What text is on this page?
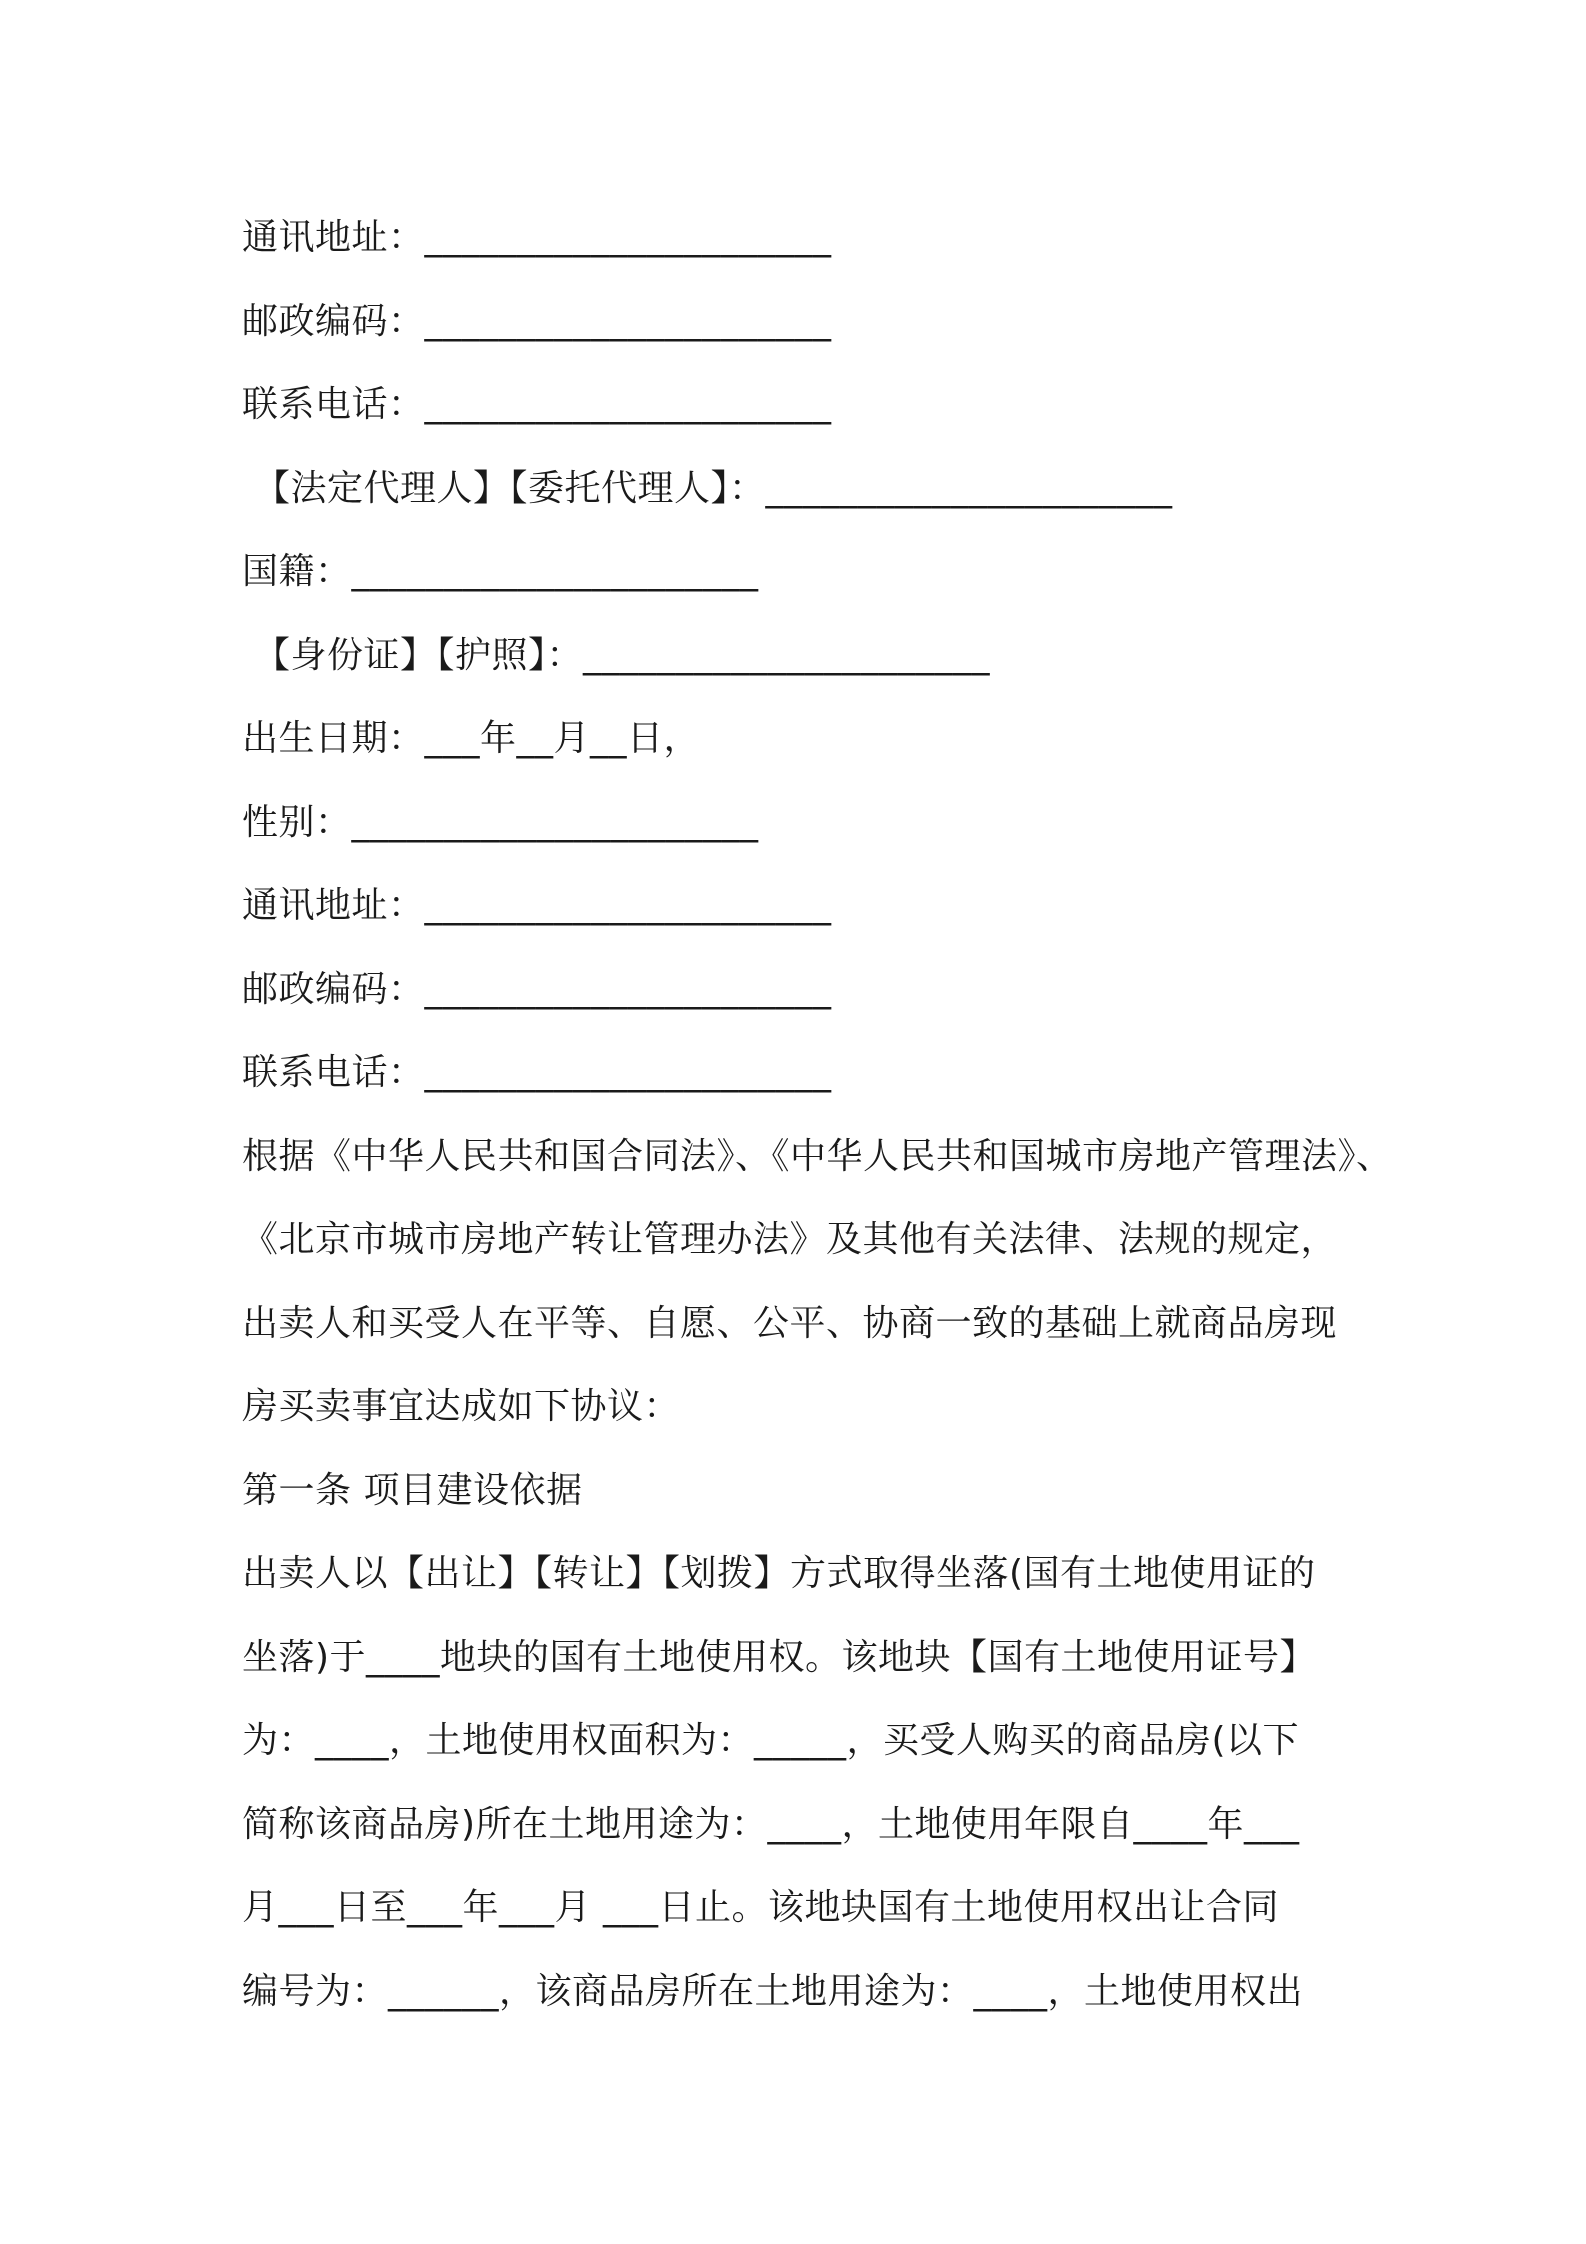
通讯地址：______________________
邮政编码：______________________
联系电话：______________________
【法定代理人】【委托代理人】：______________________
国籍：______________________
【身份证】【护照】：______________________
出生日期：___年__月__日，
性别：______________________
通讯地址：______________________
邮政编码：______________________
联系电话：______________________
根据《中华人民共和国合同法》、《中华人民共和国城市房地产管理法》、
《北京市城市房地产转让管理办法》及其他有关法律、法规的规定，
出卖人和买受人在平等、自愿、公平、协商一致的基础上就商品房现
房买卖事宜达成如下协议：
第一条 项目建设依据
出卖人以【出让】【转让】【划拨】方式取得坐落(国有土地使用证的
坐落)于____地块的国有土地使用权。该地块【国有土地使用证号】
为：____，土地使用权面积为：_____，买受人购买的商品房(以下
简称该商品房)所在土地用途为：____，土地使用年限自____年___
月___日至___年___月 ___日止。该地块国有土地使用权出让合同
编号为：______，该商品房所在土地用途为：____，土地使用权出
